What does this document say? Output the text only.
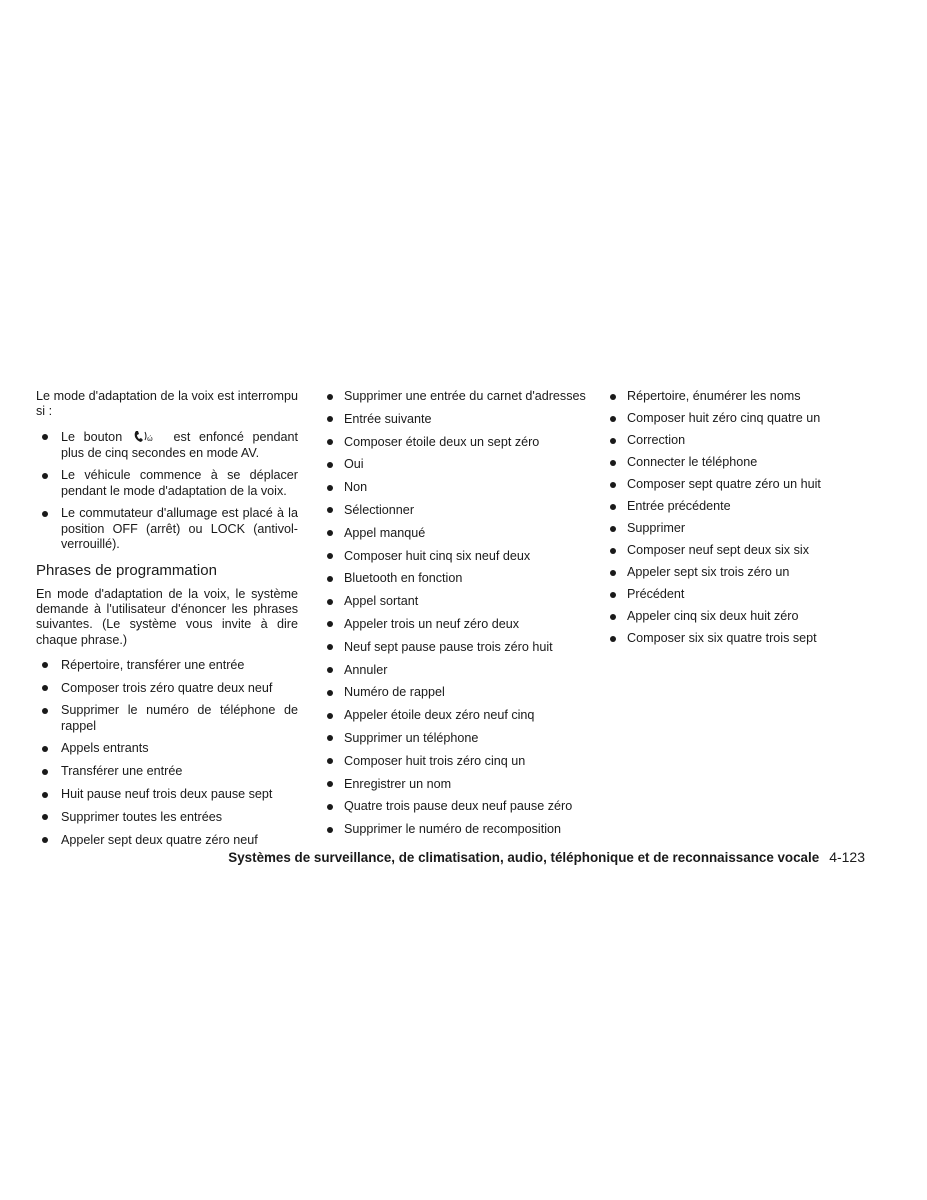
Le mode d'adaptation de la voix est interrompu si :

Le bouton	ώ est enfoncé pendant plus de cinq secondes en mode AV.
Le véhicule commence à se déplacer pendant le mode d'adaptation de la voix.
Le commutateur d'allumage est placé à la position OFF (arrêt) ou LOCK (antivol-verrouillé).
Phrases de programmation

En mode d'adaptation de la voix, le système demande à l'utilisateur d'énoncer les phrases suivantes. (Le système vous invite à dire chaque phrase.)

Répertoire, transférer une entrée
Composer trois zéro quatre deux neuf
Supprimer le numéro de téléphone de rappel
Appels entrants
Transférer une entrée
Huit pause neuf trois deux pause sept
Supprimer toutes les entrées
Appeler sept deux quatre zéro neuf
Supprimer une entrée du carnet d'adresses
Entrée suivante
Composer étoile deux un sept zéro
Oui
Non
Sélectionner
Appel manqué
Composer huit cinq six neuf deux
Bluetooth en fonction
Appel sortant
Appeler trois un neuf zéro deux
Neuf sept pause pause trois zéro huit
Annuler
Numéro de rappel
Appeler étoile deux zéro neuf cinq
Supprimer un téléphone
Composer huit trois zéro cinq un
Enregistrer un nom
Quatre trois pause deux neuf pause zéro
Supprimer le numéro de recomposition
Répertoire, énumérer les noms
Composer huit zéro cinq quatre un
Correction
Connecter le téléphone
Composer sept quatre zéro un huit
Entrée précédente
Supprimer
Composer neuf sept deux six six
Appeler sept six trois zéro un
Précédent
Appeler cinq six deux huit zéro
Composer six six quatre trois sept
Systèmes de surveillance, de climatisation, audio, téléphonique et de reconnaissance vocale 4-123
